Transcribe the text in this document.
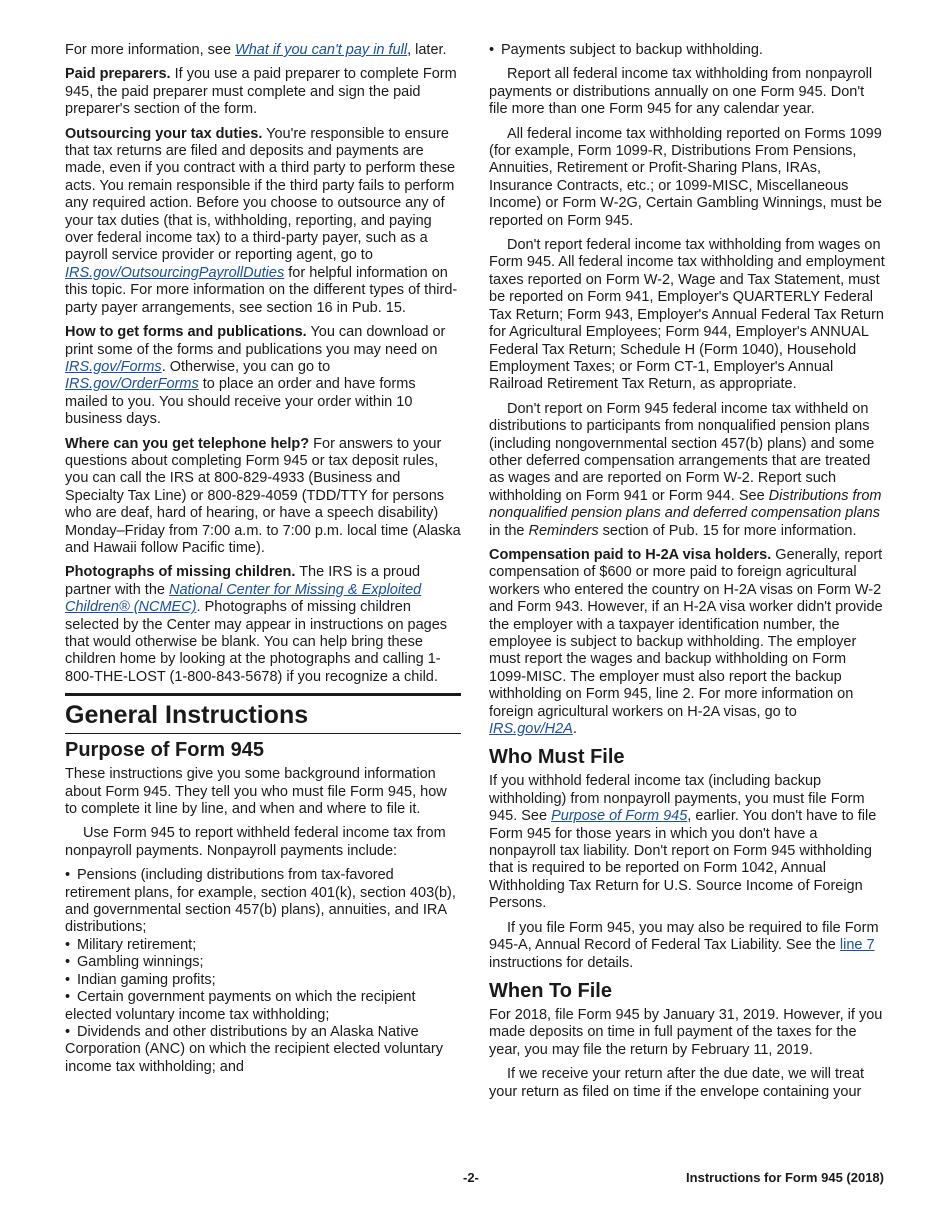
For more information, see What if you can't pay in full, later.

Paid preparers. If you use a paid preparer to complete Form 945, the paid preparer must complete and sign the paid preparer's section of the form.

Outsourcing your tax duties. You're responsible to ensure that tax returns are filed and deposits and payments are made, even if you contract with a third party to perform these acts. You remain responsible if the third party fails to perform any required action. Before you choose to outsource any of your tax duties (that is, withholding, reporting, and paying over federal income tax) to a third-party payer, such as a payroll service provider or reporting agent, go to IRS.gov/OutsourcingPayrollDuties for helpful information on this topic. For more information on the different types of third-party payer arrangements, see section 16 in Pub. 15.

How to get forms and publications. You can download or print some of the forms and publications you may need on IRS.gov/Forms. Otherwise, you can go to IRS.gov/OrderForms to place an order and have forms mailed to you. You should receive your order within 10 business days.

Where can you get telephone help? For answers to your questions about completing Form 945 or tax deposit rules, you can call the IRS at 800-829-4933 (Business and Specialty Tax Line) or 800-829-4059 (TDD/TTY for persons who are deaf, hard of hearing, or have a speech disability) Monday–Friday from 7:00 a.m. to 7:00 p.m. local time (Alaska and Hawaii follow Pacific time).

Photographs of missing children. The IRS is a proud partner with the National Center for Missing & Exploited Children® (NCMEC). Photographs of missing children selected by the Center may appear in instructions on pages that would otherwise be blank. You can help bring these children home by looking at the photographs and calling 1-800-THE-LOST (1-800-843-5678) if you recognize a child.

General Instructions
Purpose of Form 945

These instructions give you some background information about Form 945. They tell you who must file Form 945, how to complete it line by line, and when and where to file it.

Use Form 945 to report withheld federal income tax from nonpayroll payments. Nonpayroll payments include:

• Pensions (including distributions from tax-favored retirement plans, for example, section 401(k), section 403(b), and governmental section 457(b) plans), annuities, and IRA distributions;
• Military retirement;
• Gambling winnings;
• Indian gaming profits;
• Certain government payments on which the recipient elected voluntary income tax withholding;
• Dividends and other distributions by an Alaska Native Corporation (ANC) on which the recipient elected voluntary income tax withholding; and
• Payments subject to backup withholding.

Report all federal income tax withholding from nonpayroll payments or distributions annually on one Form 945. Don't file more than one Form 945 for any calendar year.

All federal income tax withholding reported on Forms 1099 (for example, Form 1099-R, Distributions From Pensions, Annuities, Retirement or Profit-Sharing Plans, IRAs, Insurance Contracts, etc.; or 1099-MISC, Miscellaneous Income) or Form W-2G, Certain Gambling Winnings, must be reported on Form 945.

Don't report federal income tax withholding from wages on Form 945. All federal income tax withholding and employment taxes reported on Form W-2, Wage and Tax Statement, must be reported on Form 941, Employer's QUARTERLY Federal Tax Return; Form 943, Employer's Annual Federal Tax Return for Agricultural Employees; Form 944, Employer's ANNUAL Federal Tax Return; Schedule H (Form 1040), Household Employment Taxes; or Form CT-1, Employer's Annual Railroad Retirement Tax Return, as appropriate.

Don't report on Form 945 federal income tax withheld on distributions to participants from nonqualified pension plans (including nongovernmental section 457(b) plans) and some other deferred compensation arrangements that are treated as wages and are reported on Form W-2. Report such withholding on Form 941 or Form 944. See Distributions from nonqualified pension plans and deferred compensation plans in the Reminders section of Pub. 15 for more information.

Compensation paid to H-2A visa holders. Generally, report compensation of $600 or more paid to foreign agricultural workers who entered the country on H-2A visas on Form W-2 and Form 943. However, if an H-2A visa worker didn't provide the employer with a taxpayer identification number, the employee is subject to backup withholding. The employer must report the wages and backup withholding on Form 1099-MISC. The employer must also report the backup withholding on Form 945, line 2. For more information on foreign agricultural workers on H-2A visas, go to IRS.gov/H2A.

Who Must File

If you withhold federal income tax (including backup withholding) from nonpayroll payments, you must file Form 945. See Purpose of Form 945, earlier. You don't have to file Form 945 for those years in which you don't have a nonpayroll tax liability. Don't report on Form 945 withholding that is required to be reported on Form 1042, Annual Withholding Tax Return for U.S. Source Income of Foreign Persons.

If you file Form 945, you may also be required to file Form 945-A, Annual Record of Federal Tax Liability. See the line 7 instructions for details.

When To File

For 2018, file Form 945 by January 31, 2019. However, if you made deposits on time in full payment of the taxes for the year, you may file the return by February 11, 2019.

If we receive your return after the due date, we will treat your return as filed on time if the envelope containing your

-2-	Instructions for Form 945 (2018)
